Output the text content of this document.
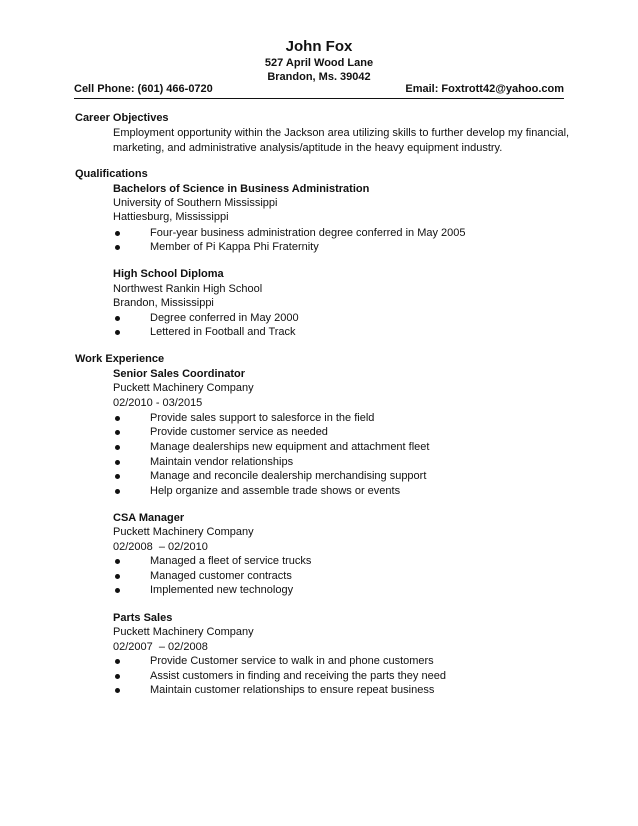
John Fox
527 April Wood Lane
Brandon, Ms. 39042
Cell Phone: (601) 466-0720	Email: Foxtrott42@yahoo.com
Career Objectives
Employment opportunity within the Jackson area utilizing skills to further develop my financial, marketing, and administrative analysis/aptitude in the heavy equipment industry.
Qualifications
Bachelors of Science in Business Administration
University of Southern Mississippi
Hattiesburg, Mississippi
Four-year business administration degree conferred in May 2005
Member of Pi Kappa Phi Fraternity
High School Diploma
Northwest Rankin High School
Brandon, Mississippi
Degree conferred in May 2000
Lettered in Football and Track
Work Experience
Senior Sales Coordinator
Puckett Machinery Company
02/2010 - 03/2015
Provide sales support to salesforce in the field
Provide customer service as needed
Manage dealerships new equipment and attachment fleet
Maintain vendor relationships
Manage and reconcile dealership merchandising support
Help organize and assemble trade shows or events
CSA Manager
Puckett Machinery Company
02/2008  – 02/2010
Managed a fleet of service trucks
Managed customer contracts
Implemented new technology
Parts Sales
Puckett Machinery Company
02/2007  – 02/2008
Provide Customer service to walk in and phone customers
Assist customers in finding and receiving the parts they need
Maintain customer relationships to ensure repeat business
